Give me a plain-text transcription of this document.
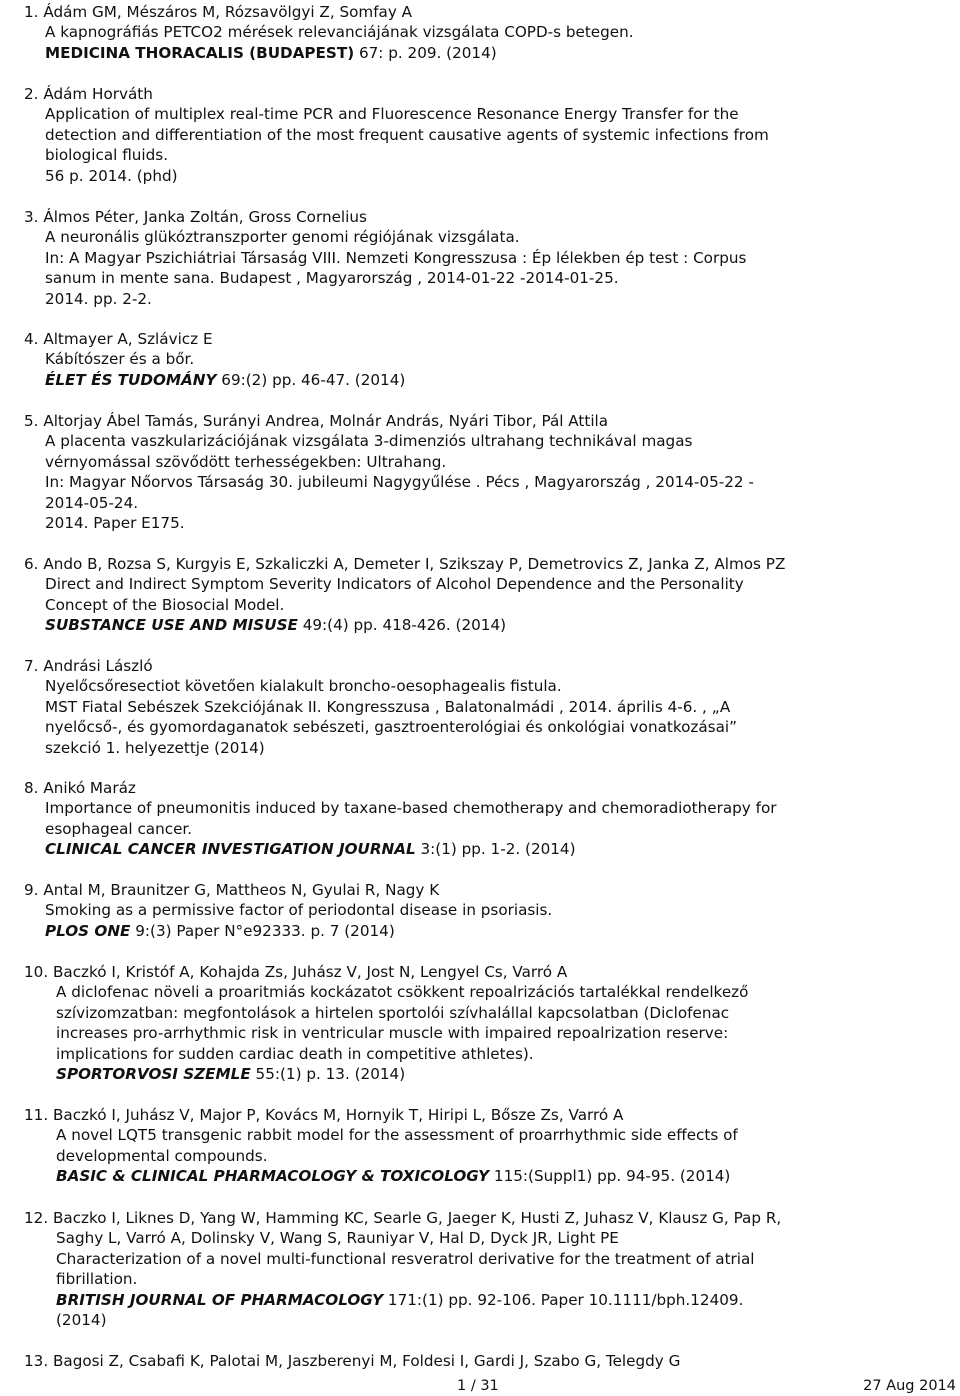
1. Ádám GM, Mészáros M, Rózsavölgyi Z, Somfay A
A kapnográfiás PETCO2 mérések relevanciájának vizsgálata COPD-s betegen.
MEDICINA THORACALIS (BUDAPEST) 67: p. 209. (2014)
2. Ádám Horváth
Application of multiplex real-time PCR and Fluorescence Resonance Energy Transfer for the
detection and differentiation of the most frequent causative agents of systemic infections from
biological fluids.
56 p. 2014. (phd)
3. Álmos Péter, Janka Zoltán, Gross Cornelius
A neuronális glükóztranszporter genomi régiójának vizsgálata.
In: A Magyar Pszichiátriai Társaság VIII. Nemzeti Kongresszusa : Ép lélekben ép test : Corpus
sanum in mente sana. Budapest , Magyarország , 2014-01-22 -2014-01-25.
2014. pp. 2-2.
4. Altmayer A, Szlávicz E
Kábítószer és a bőr.
ÉLET ÉS TUDOMÁNY 69:(2) pp. 46-47. (2014)
5. Altorjay Ábel Tamás, Surányi Andrea, Molnár András, Nyári Tibor, Pál Attila
A placenta vaszkularizációjának vizsgálata 3-dimenziós ultrahang technikával magas
vérnyomással szövődött terhességekben: Ultrahang.
In: Magyar Nőorvos Társaság 30. jubileumi Nagygyűlése . Pécs , Magyarország , 2014-05-22 -
2014-05-24.
2014. Paper E175.
6. Ando B, Rozsa S, Kurgyis E, Szkaliczki A, Demeter I, Szikszay P, Demetrovics Z, Janka Z, Almos PZ
Direct and Indirect Symptom Severity Indicators of Alcohol Dependence and the Personality
Concept of the Biosocial Model.
SUBSTANCE USE AND MISUSE 49:(4) pp. 418-426. (2014)
7. Andrási László
Nyelőcsőresectiot követően kialakult broncho-oesophagealis fistula.
MST Fiatal Sebészek Szekciójának II. Kongresszusa , Balatonalmádi , 2014. április 4-6. , „A
nyelőcső-, és gyomordaganatok sebészeti, gasztroenterológiai és onkológiai vonatkozásai”
szekció 1. helyezettje (2014)
8. Anikó Maráz
Importance of pneumonitis induced by taxane-based chemotherapy and chemoradiotherapy for
esophageal cancer.
CLINICAL CANCER INVESTIGATION JOURNAL 3:(1) pp. 1-2. (2014)
9. Antal M, Braunitzer G, Mattheos N, Gyulai R, Nagy K
Smoking as a permissive factor of periodontal disease in psoriasis.
PLOS ONE 9:(3) Paper N°e92333. p. 7 (2014)
10. Baczkó I, Kristóf A, Kohajda Zs, Juhász V, Jost N, Lengyel Cs, Varró A
A diclofenac növeli a proaritmiás kockázatot csökkent repoalrizációs tartalékkal rendelkező
szívizomzatban: megfontolások a hirtelen sportolói szívhalállal kapcsolatban (Diclofenac
increases pro-arrhythmic risk in ventricular muscle with impaired repoalrization reserve:
implications for sudden cardiac death in competitive athletes).
SPORTORVOSI SZEMLE 55:(1) p. 13. (2014)
11. Baczkó I, Juhász V, Major P, Kovács M, Hornyik T, Hiripi L, Bősze Zs, Varró A
A novel LQT5 transgenic rabbit model for the assessment of proarrhythmic side effects of
developmental compounds.
BASIC & CLINICAL PHARMACOLOGY & TOXICOLOGY 115:(Suppl1) pp. 94-95. (2014)
12. Baczko I, Liknes D, Yang W, Hamming KC, Searle G, Jaeger K, Husti Z, Juhasz V, Klausz G, Pap R,
Saghy L, Varró A, Dolinsky V, Wang S, Rauniyar V, Hal D, Dyck JR, Light PE
Characterization of a novel multi-functional resveratrol derivative for the treatment of atrial
fibrillation.
BRITISH JOURNAL OF PHARMACOLOGY 171:(1) pp. 92-106. Paper 10.1111/bph.12409.
(2014)
13. Bagosi Z, Csabafi K, Palotai M, Jaszberenyi M, Foldesi I, Gardi J, Szabo G, Telegdy G
1 / 31	27 Aug 2014
